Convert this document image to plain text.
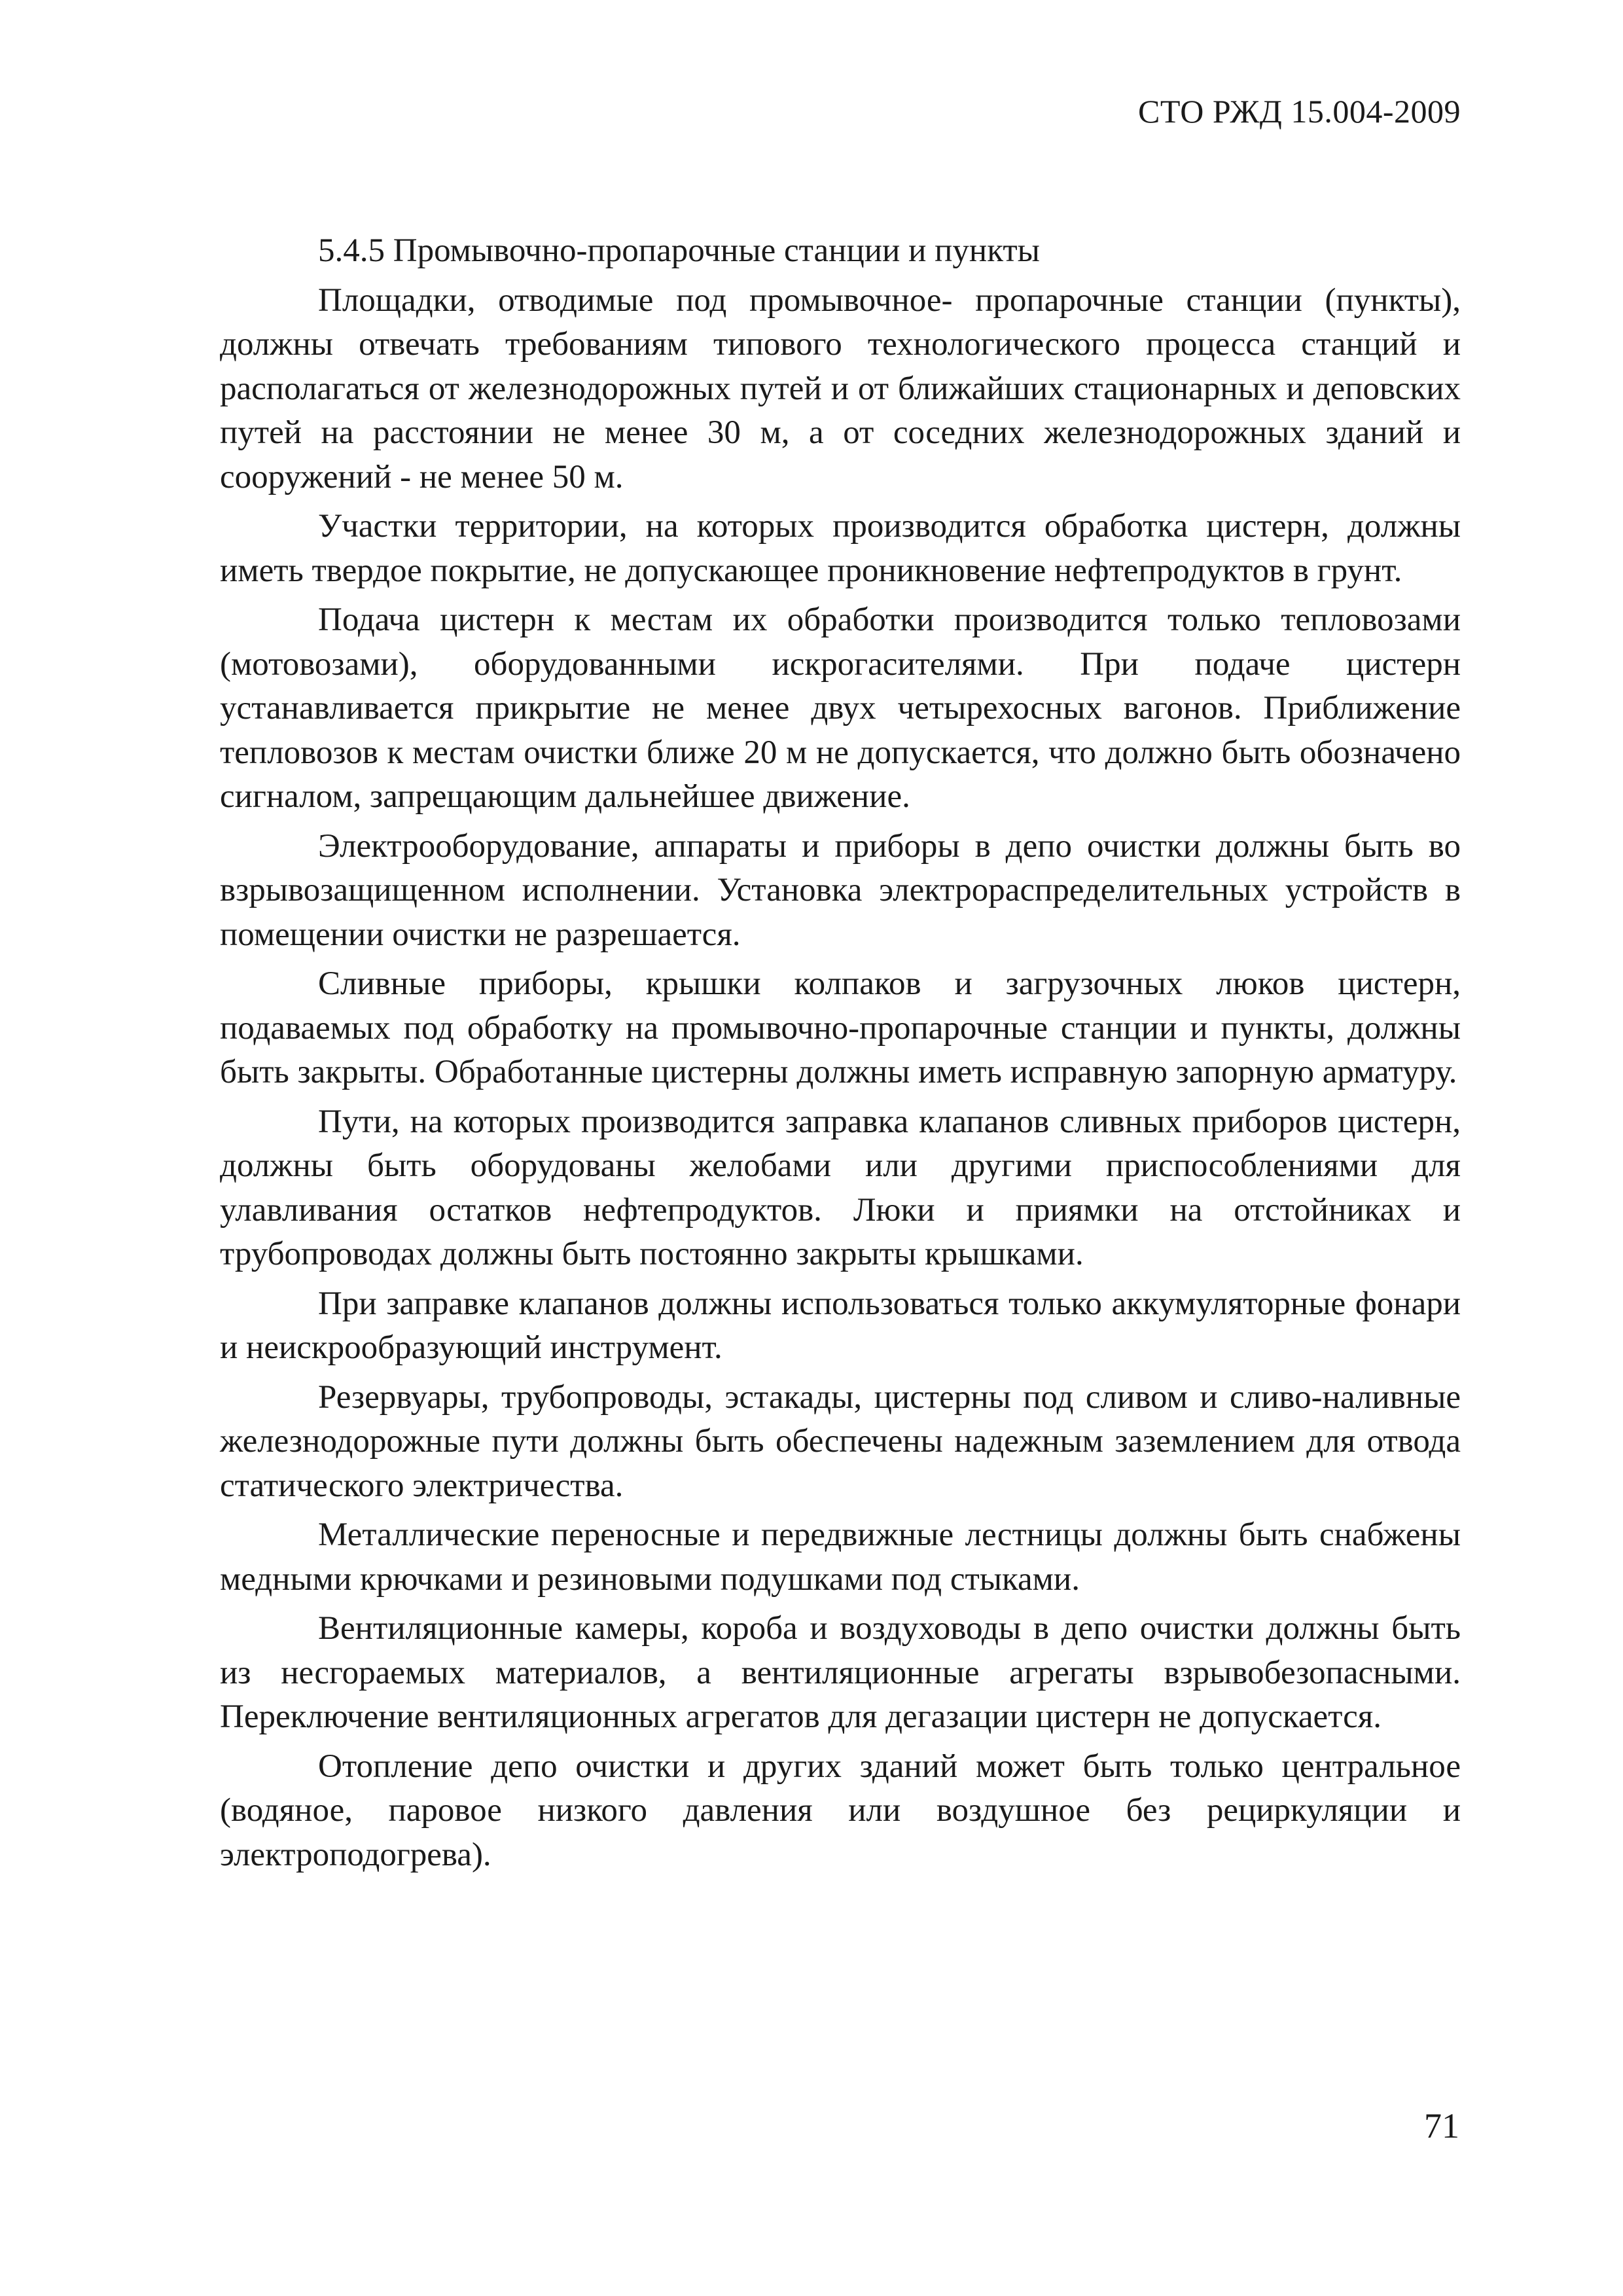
СТО РЖД 15.004-2009

5.4.5 Промывочно-пропарочные станции и пункты

Площадки, отводимые под промывочное- пропарочные станции (пункты), должны отвечать требованиям типового технологического процесса станций и располагаться от железнодорожных путей и от ближайших стационарных и деповских путей на расстоянии не менее 30 м, а от соседних железнодорожных зданий и сооружений - не менее 50 м.

Участки территории, на которых производится обработка цистерн, должны иметь твердое покрытие, не допускающее проникновение нефтепродуктов в грунт.

Подача цистерн к местам их обработки производится только тепловозами (мотовозами), оборудованными искрогасителями. При подаче цистерн устанавливается прикрытие не менее двух четырехосных вагонов. Приближение тепловозов к местам очистки ближе 20 м не допускается, что должно быть обозначено сигналом, запрещающим дальнейшее движение.

Электрооборудование, аппараты и приборы в депо очистки должны быть во взрывозащищенном исполнении. Установка электрораспределительных устройств в помещении очистки не разрешается.

Сливные приборы, крышки колпаков и загрузочных люков цистерн, подаваемых под обработку на промывочно-пропарочные станции и пункты, должны быть закрыты. Обработанные цистерны должны иметь исправную запорную арматуру.

Пути, на которых производится заправка клапанов сливных приборов цистерн, должны быть оборудованы желобами или другими приспособлениями для улавливания остатков нефтепродуктов. Люки и приямки на отстойниках и трубопроводах должны быть постоянно закрыты крышками.

При заправке клапанов должны использоваться только аккумуляторные фонари и неискрообразующий инструмент.

Резервуары, трубопроводы, эстакады, цистерны под сливом и сливо-наливные железнодорожные пути должны быть обеспечены надежным заземлением для отвода статического электричества.

Металлические переносные и передвижные лестницы должны быть снабжены медными крючками и резиновыми подушками под стыками.

Вентиляционные камеры, короба и воздуховоды в депо очистки должны быть из несгораемых материалов, а вентиляционные агрегаты взрывобезопасными. Переключение вентиляционных агрегатов для дегазации цистерн не допускается.

Отопление депо очистки и других зданий может быть только центральное (водяное, паровое низкого давления или воздушное без рециркуляции и электроподогрева).

71
